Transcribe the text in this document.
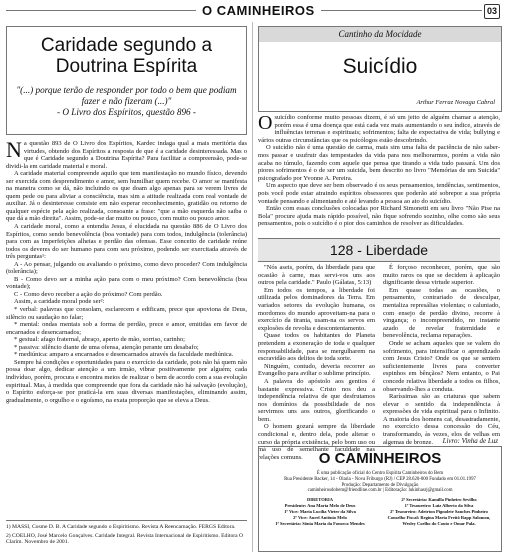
O CAMINHEIROS	03
Caridade segundo a Doutrina Espírita
"(...) porque terão de responder por todo o bem que podiam fazer e não fizeram (...)"
- O Livro dos Espíritos, questão 896 -

Na questão 893 de O Livro dos Espíritos, Kardec indaga qual a mais meritória das virtudes, obtendo dos Espíritos a resposta de que é a caridade desinteressada. Mas o que é Caridade segundo a Doutrina Espírita? Para facilitar a compreensão, pode-se dividi-la em caridade material e moral.

A caridade material compreende aquilo que tem manifestação no mundo físico, devendo ser exercida com desprendimento e amor, sem humilhar quem recebe. O amor se manifesta na maneira como se dá, não incluindo os que doam algo apenas para se verem livres de quem pede ou para aliviar a consciência, mas sim a atitude realizada com real vontade de auxiliar. Já o desinteresse consiste em não esperar reconhecimento, gratidão ou retorno de qualquer espécie pela ação realizada, consoante a frase: "que a mão esquerda não saiba o que dá a mão direita". Assim, pode-se dar muito ou pouco, com muito ou pouco amor.

A caridade moral, como a entendia Jesus, é elucidada na questão 886 de O Livro dos Espíritos, como sendo benevolência (boa vontade) para com todos, indulgência (tolerância) para com as imperfeições alheias e perdão das ofensas. Esse conceito de caridade reúne todos os deveres do ser humano para com seu próximo, podendo ser exercitada através de três perguntas¹:

A - Ao pensar, julgando ou avaliando o próximo, como devo proceder? Com indulgência (tolerância);

B - Como devo ser a minha ação para com o meu próximo? Com benevolência (boa vontade);

C - Como devo receber a ação do próximo? Com perdão.

Assim, a caridade moral pode ser²:

* verbal: palavras que consolam, esclarecem e edificam, prece que apoviona de Deus, silêncio ou saudação no falar;

* mental: ondas mentais sob a forma de perdão, prece e amor, emitidas em favor de encarnados e desencarnados;

* gestual: afago fraternal, abraço, aperto de mão, sorriso, carinho;

* passiva: silêncio diante de uma ofensa, atenção perante um desabafo;

* mediúnica: amparo a encarnados e desencarnados através da faculdade mediúnica.

Sempre há condições e oportunidades para o exercício da caridade, pois não há quem não possa doar algo, dedicar atenção a um irmão, vibrar positivamente por alguém; cada indivíduo, porém, procura e encontra meios de realizar o bem de acordo com a sua evolução espiritual. Mas, à medida que compreende que fora da caridade não há salvação (evolução), o Espírito esforça-se por praticá-la em suas diversas manifestações, eliminando assim, gradualmente, o orgulho e o egoísmo, na exata proporção que se eleva a Deus.

1) MASSI, Cosme D. B. A Caridade segundo o Espiritismo. Revista A Reencarnação. FERGS Editora.

2) COELHO, José Marcelo Gonçalves. Caridade Integral. Revista Internacional de Espiritismo. Editora O Clarim. Novembro de 2001.

Cantinho da Mocidade
Suicídio
Arthur Ferraz Novaga Cabral

Osuicídio conforme muito pessoas dizem, é só um jeito de alguém chamar a atenção, porém essa é uma doença que está cada vez mais aumentando o seu índice, através de influências terrenas e espirituais; sofrimentos; falta de expectativa de vida; bullying e vários outras circunstâncias que os psicólogos estão descobrindo.

O suicídio não é uma questão de carma, mais sim uma falta de paciência de não saber-mos passar e usufruir das tempestades da vida para nos melhorarmos, porém a vida não acaba no túmulo, fazendo com aquele que pensa que tirando a vida tudo passará. Um dos piores sofrimentos é o de ser um suicida, bem descrito no livro "Memórias de um Suicida" psicografado por Yvonne A. Pereira.

Um aspecto que deve ser bem observado é os seus pensamentos, tendências, sentimentos, pois você pode estar atraindo espíritos obsessores que poderão até sobrepor a sua própria vontade pensando e alimentando e até levando a pessoa ao ato do suicídio.

Então com essas conclusões colocadas por Richard Simonetti em seu livro "Não Pise na Bola" procure ajuda mais rápido possível, não fique sofrendo sozinho, olhe como são seus pensamentos, pois o suicídio é o pior dos caminhos de resolver as dificuldades.

128 - Liberdade

"Nós aseis, porém, da liberdade para que ocasião à carne, mas servi-vos uns aos outros pela caridade." Paulo (Gálatas, 5:13)

Em todos os tempos, a liberdade foi utilizada pelos dominadores da Terra. Em variados setores da evolução humana, os mordomos do mundo aproveitam-na para o exercício da tirania, usam-na os servos em explosões de revolta e descontentamento.

Quase todos os habitantes do Planeta pretendem a exoneração de toda e qualquer responsabilidade, para se mergulharem na escravidão aos delitos de toda sorte.

Ninguém, contudo, deveria recorrer ao Evangelho para aviltar o sublime princípio.

A palavra do apóstolo aos gentios é bastante expressiva. Cristo nos deu a independência relativa de que desfrutamos nos domínios da possibilidade de nos servirmos uns aos outros, glorificando o bem.

O homem gozará sempre da liberdade condicional e, dentro dela, pode alterar o curso da própria existência, pelo bom uso ou má uso de semelhante faculdade nas relações comuns.

É forçoso reconhecer, porém, que são muito raros os que se decidem à aplicação dignificante dessa virtude superior.

Em quase todas as ocasiões, o pensamento, contrariado de desculpar, mentaliza represálias violentas; o caluniado, com ensejo de perdão divino, recorre à vingança; o incompreendido, no instante azado de revelar fraternidade e benevolência, reclama reparações.

Onde se acham aqueles que se valem do sofrimento, para intensificar o aprendizado com Jesus Cristo? Onde os que se sentem suficientemente livres para converter espinhos em bênçãos? Nem entanto, o Pai concede relativa liberdade a todos os filhos, observando-lhes a conduta.

Raríssimas são as criaturas que sabem elevar o sentido da independência à expressões de vida espiritual para o Infinito. A maioria dos homens cai, desastradamente, no exercício dessa concessão do Céu, transformando, às vezes, elos de velhas em algemas de bronze.	Livro: Vinha de Luz
O CAMINHEIROS
É uma publicação oficial do Centro Espírita Caminheiros do Bem
Rua Presidente Backer, 14 - Olaria - Nova Friburgo (RJ) / CEP 28.620-000 Fundado em 01.01.1997
Produção: Departamento de Divulgação
caminheirosdobem@friendline.com.br | Editoração: lukinhasrj@gmail.com
DIRETORIA
Presidente: Ana Maria Melo de Deus
1º Vice: Maria Lucília Vieter da Silva
2º Vice: Aurel Antônio Melo
1ª Secretária: Sônia Maria da Fonseca Mendes
2ª Secretária: Kamilla Pinheiro Sevilho
1º Tesoureiro: Luiz Alberto da Silva
2º Tesoureiro: Adeirton Pignolete Sanches Pinheiro
Conselho Fiscal: Regina Maria Freitô Rapp Salomon,
Wesley Coelho do Couto e Omar Pala.
